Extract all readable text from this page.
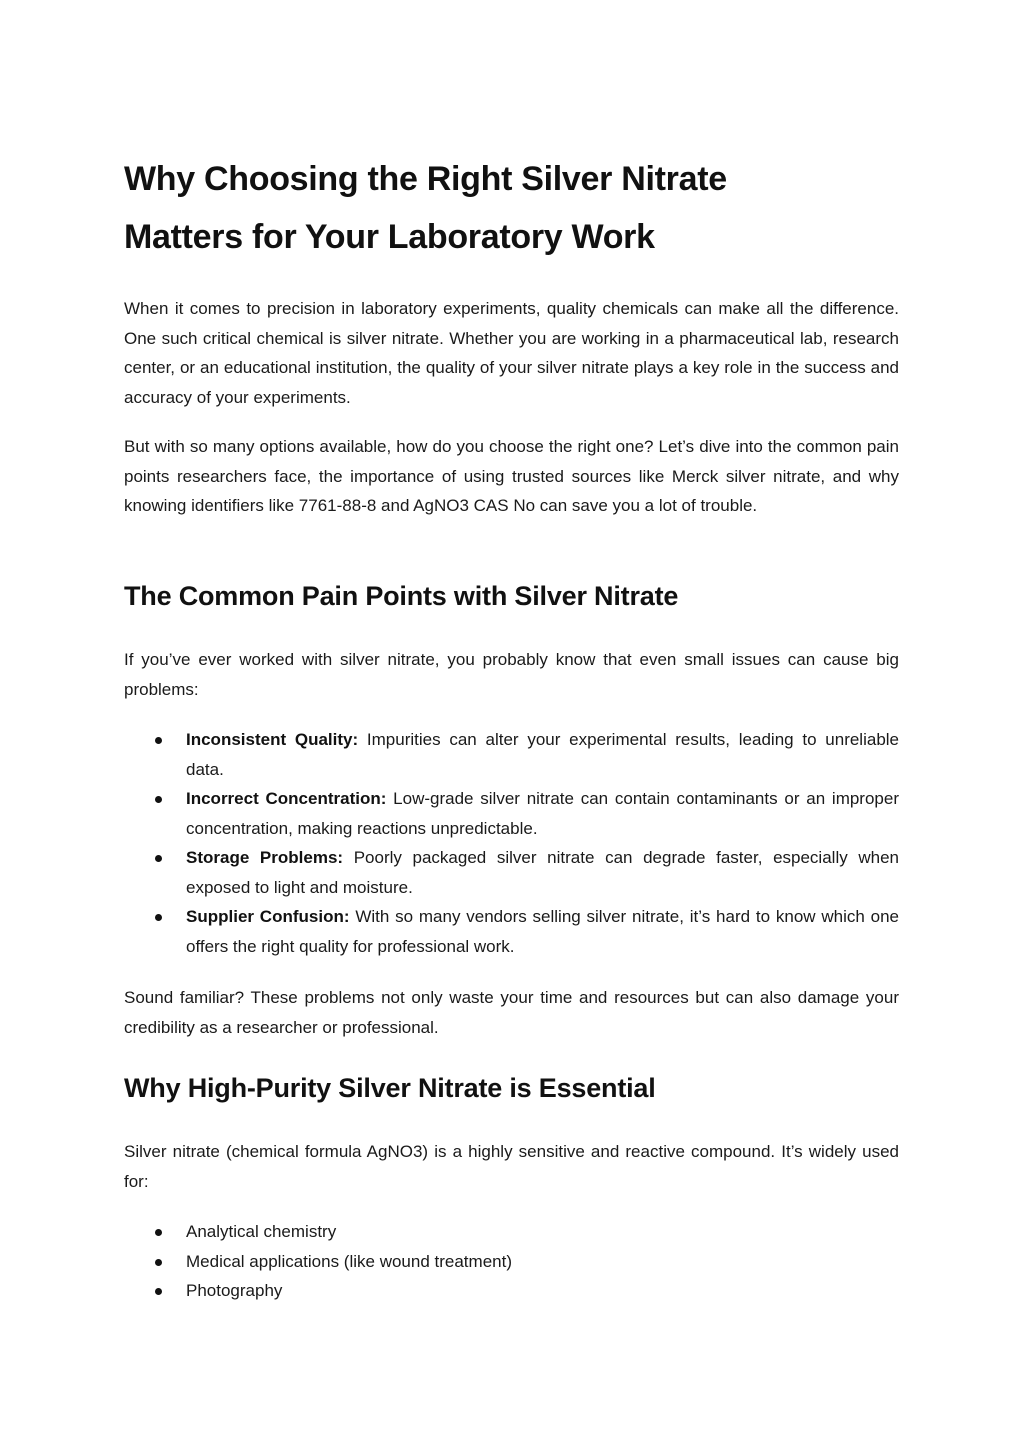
Why Choosing the Right Silver Nitrate
Matters for Your Laboratory Work

When it comes to precision in laboratory experiments, quality chemicals can make all the difference. One such critical chemical is silver nitrate. Whether you are working in a pharmaceutical lab, research center, or an educational institution, the quality of your silver nitrate plays a key role in the success and accuracy of your experiments.

But with so many options available, how do you choose the right one? Let’s dive into the common pain points researchers face, the importance of using trusted sources like Merck silver nitrate, and why knowing identifiers like 7761-88-8 and AgNO3 CAS No can save you a lot of trouble.

The Common Pain Points with Silver Nitrate

If you’ve ever worked with silver nitrate, you probably know that even small issues can cause big problems:

Inconsistent Quality: Impurities can alter your experimental results, leading to unreliable data.
Incorrect Concentration: Low-grade silver nitrate can contain contaminants or an improper concentration, making reactions unpredictable.
Storage Problems: Poorly packaged silver nitrate can degrade faster, especially when exposed to light and moisture.
Supplier Confusion: With so many vendors selling silver nitrate, it’s hard to know which one offers the right quality for professional work.

Sound familiar? These problems not only waste your time and resources but can also damage your credibility as a researcher or professional.

Why High-Purity Silver Nitrate is Essential

Silver nitrate (chemical formula AgNO3) is a highly sensitive and reactive compound. It’s widely used for:

Analytical chemistry
Medical applications (like wound treatment)
Photography
